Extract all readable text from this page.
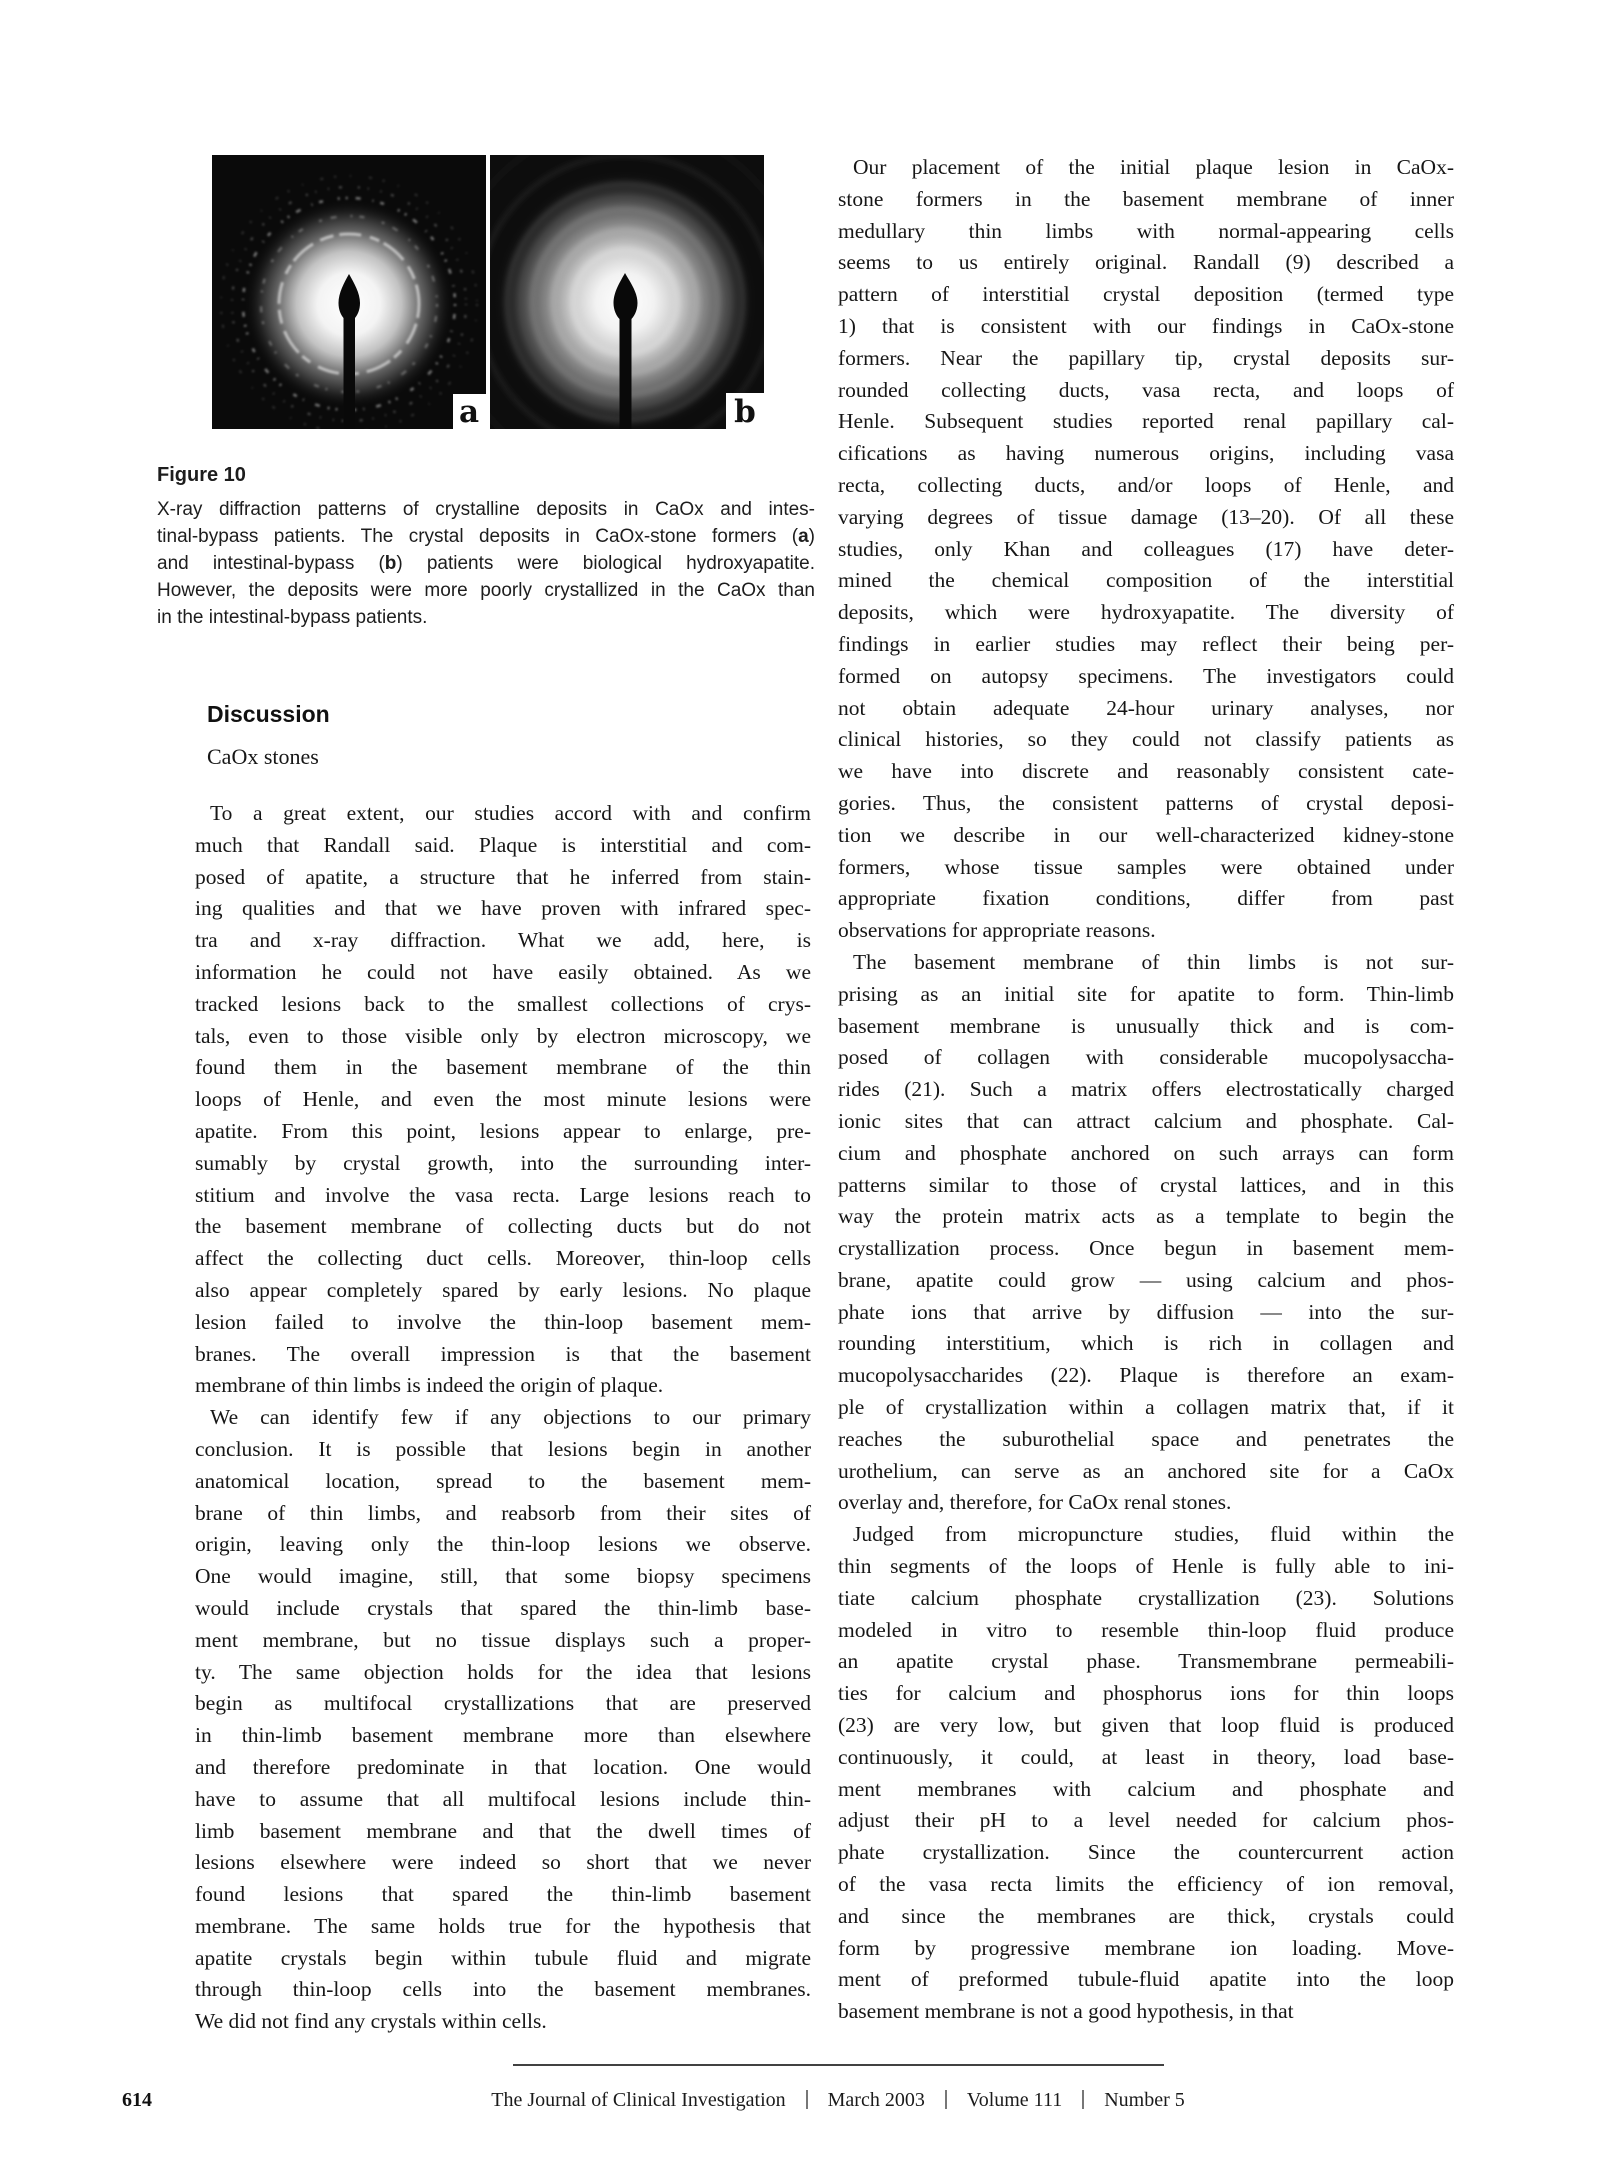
a	b
Figure 10
X-ray diffraction patterns of crystalline deposits in CaOx and intes-
tinal-bypass patients. The crystal deposits in CaOx-stone formers (a)
and intestinal-bypass (b) patients were biological hydroxyapatite.
However, the deposits were more poorly crystallized in the CaOx than
in the intestinal-bypass patients.
Discussion
CaOx stones
To a great extent, our studies accord with and confirm
much that Randall said. Plaque is interstitial and com-
posed of apatite, a structure that he inferred from stain-
ing qualities and that we have proven with infrared spec-
tra and x-ray diffraction. What we add, here, is
information he could not have easily obtained. As we
tracked lesions back to the smallest collections of crys-
tals, even to those visible only by electron microscopy, we
found them in the basement membrane of the thin
loops of Henle, and even the most minute lesions were
apatite. From this point, lesions appear to enlarge, pre-
sumably by crystal growth, into the surrounding inter-
stitium and involve the vasa recta. Large lesions reach to
the basement membrane of collecting ducts but do not
affect the collecting duct cells. Moreover, thin-loop cells
also appear completely spared by early lesions. No plaque
lesion failed to involve the thin-loop basement mem-
branes. The overall impression is that the basement
membrane of thin limbs is indeed the origin of plaque.
We can identify few if any objections to our primary
conclusion. It is possible that lesions begin in another
anatomical location, spread to the basement mem-
brane of thin limbs, and reabsorb from their sites of
origin, leaving only the thin-loop lesions we observe.
One would imagine, still, that some biopsy specimens
would include crystals that spared the thin-limb base-
ment membrane, but no tissue displays such a proper-
ty. The same objection holds for the idea that lesions
begin as multifocal crystallizations that are preserved
in thin-limb basement membrane more than elsewhere
and therefore predominate in that location. One would
have to assume that all multifocal lesions include thin-
limb basement membrane and that the dwell times of
lesions elsewhere were indeed so short that we never
found lesions that spared the thin-limb basement
membrane. The same holds true for the hypothesis that
apatite crystals begin within tubule fluid and migrate
through thin-loop cells into the basement membranes.
We did not find any crystals within cells.
Our placement of the initial plaque lesion in CaOx-
stone formers in the basement membrane of inner
medullary thin limbs with normal-appearing cells
seems to us entirely original. Randall (9) described a
pattern of interstitial crystal deposition (termed type
1) that is consistent with our findings in CaOx-stone
formers. Near the papillary tip, crystal deposits sur-
rounded collecting ducts, vasa recta, and loops of
Henle. Subsequent studies reported renal papillary cal-
cifications as having numerous origins, including vasa
recta, collecting ducts, and/or loops of Henle, and
varying degrees of tissue damage (13–20). Of all these
studies, only Khan and colleagues (17) have deter-
mined the chemical composition of the interstitial
deposits, which were hydroxyapatite. The diversity of
findings in earlier studies may reflect their being per-
formed on autopsy specimens. The investigators could
not obtain adequate 24-hour urinary analyses, nor
clinical histories, so they could not classify patients as
we have into discrete and reasonably consistent cate-
gories. Thus, the consistent patterns of crystal deposi-
tion we describe in our well-characterized kidney-stone
formers, whose tissue samples were obtained under
appropriate fixation conditions, differ from past
observations for appropriate reasons.
The basement membrane of thin limbs is not sur-
prising as an initial site for apatite to form. Thin-limb
basement membrane is unusually thick and is com-
posed of collagen with considerable mucopolysaccha-
rides (21). Such a matrix offers electrostatically charged
ionic sites that can attract calcium and phosphate. Cal-
cium and phosphate anchored on such arrays can form
patterns similar to those of crystal lattices, and in this
way the protein matrix acts as a template to begin the
crystallization process. Once begun in basement mem-
brane, apatite could grow — using calcium and phos-
phate ions that arrive by diffusion — into the sur-
rounding interstitium, which is rich in collagen and
mucopolysaccharides (22). Plaque is therefore an exam-
ple of crystallization within a collagen matrix that, if it
reaches the suburothelial space and penetrates the
urothelium, can serve as an anchored site for a CaOx
overlay and, therefore, for CaOx renal stones.
Judged from micropuncture studies, fluid within the
thin segments of the loops of Henle is fully able to ini-
tiate calcium phosphate crystallization (23). Solutions
modeled in vitro to resemble thin-loop fluid produce
an apatite crystal phase. Transmembrane permeabili-
ties for calcium and phosphorus ions for thin loops
(23) are very low, but given that loop fluid is produced
continuously, it could, at least in theory, load base-
ment membranes with calcium and phosphate and
adjust their pH to a level needed for calcium phos-
phate crystallization. Since the countercurrent action
of the vasa recta limits the efficiency of ion removal,
and since the membranes are thick, crystals could
form by progressive membrane ion loading. Move-
ment of preformed tubule-fluid apatite into the loop
basement membrane is not a good hypothesis, in that
614	The Journal of Clinical Investigation March 2003 Volume 111 Number 5
